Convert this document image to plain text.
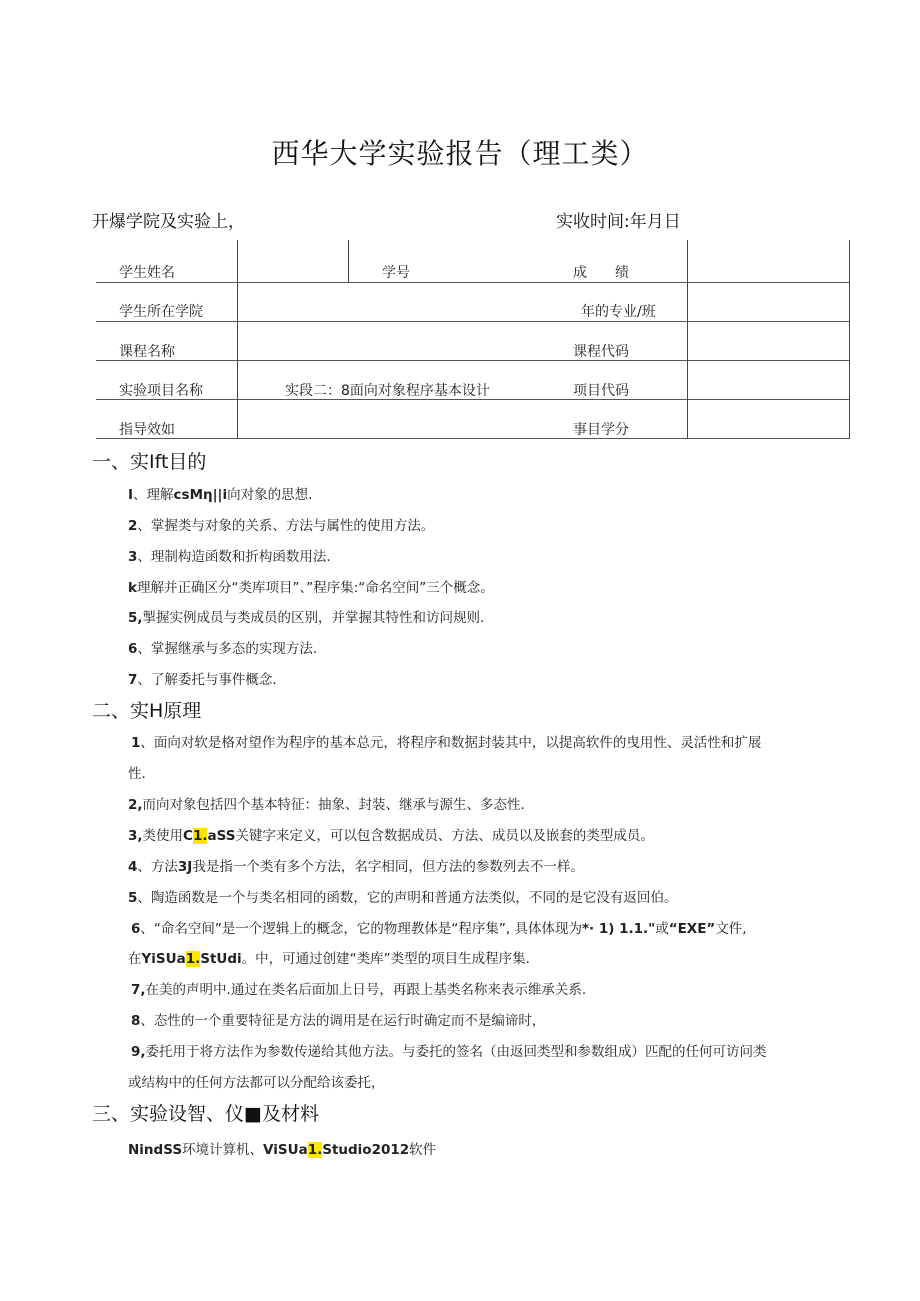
西华大学实验报告（理工类）
开爆学院及实验上，	实收时间:年月日
学生姓名	学号	成　　绩
学生所在学院	年的专业/班
课程名称	课程代码
实验项目名称	实段二：8面向对象程序基本设计	项目代码
指导效如	事目学分
一、实Ift目的
I、理解csMη||i向对象的思想.
2、掌握类与对象的关系、方法与属性的使用方法。
3、理制构造函数和折构函数用法.
k理解并正确区分“类库项目”、”程序集:“命名空间”三个概念。
5,掣握实例成员与类成员的区别，并掌握其特性和访问规则.
6、掌握继承与多态的实现方法.
7、了解委托与事件概念.
二、实H原理
1、面向对软是格对望作为程序的基本总元，将程序和数据封装其中，以提高软件的曳用性、灵活性和扩展
性.
2,而向对象包括四个基本特征：抽象、封装、继承与源生、多态性.
3,类使用C1.aSS关键字来定义，可以包含数据成员、方法、成员以及嵌套的类型成员。
4、方法3J我是指一个类有多个方法，名字相同，但方法的参数列去不一样。
5、陶造函数是一个与类名相同的函数，它的声明和普通方法类似，不同的是它没有返回伯。
6、“命名空间”是一个逻辑上的概念，它的物理教体是“程序集”, 具体体现为*· 1) 1.1."或“EXE”文件,
在YiSUa1.StUdi。中，可通过创建“类库”类型的项目生成程序集.
7,在美的声明中.通过在类名后面加上日号，再跟上基类名称来表示维承关系.
8、态性的一个重要特征是方法的调用是在运行时确定而不是编谛时，
9,委托用于将方法作为参数传递给其他方法。与委托的签名（由返回类型和参数组成）匹配的任何可访问类
或结构中的任何方法都可以分配给该委托，
三、实验设智、仪■及材料
NindSS环境计算机、ViSUa1.Studio2012软件
